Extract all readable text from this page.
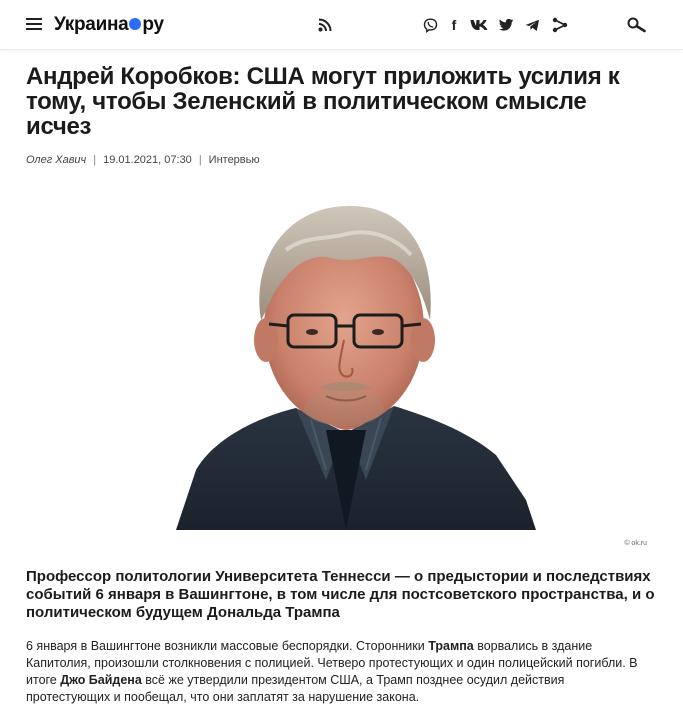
Украина ру	f
Андрей Коробков: США могут приложить усилия к тому, чтобы Зеленский в политическом смысле исчез
Олег Хавич | 19.01.2021, 07:30 | Интервью
© ok.ru

Профессор политологии Университета Теннесси — о предыстории и последствиях событий 6 января в Вашингтоне, в том числе для постсоветского пространства, и о политическом будущем Дональда Трампа

6 января в Вашингтоне возникли массовые беспорядки. Сторонники Трампа ворвались в здание Капитолия, произошли столкновения с полицией. Четверо протестующих и один полицейский погибли. В итоге Джо Байдена всё же утвердили президентом США, а Трамп позднее осудил действия протестующих и пообещал, что они заплатят за нарушение закона.
